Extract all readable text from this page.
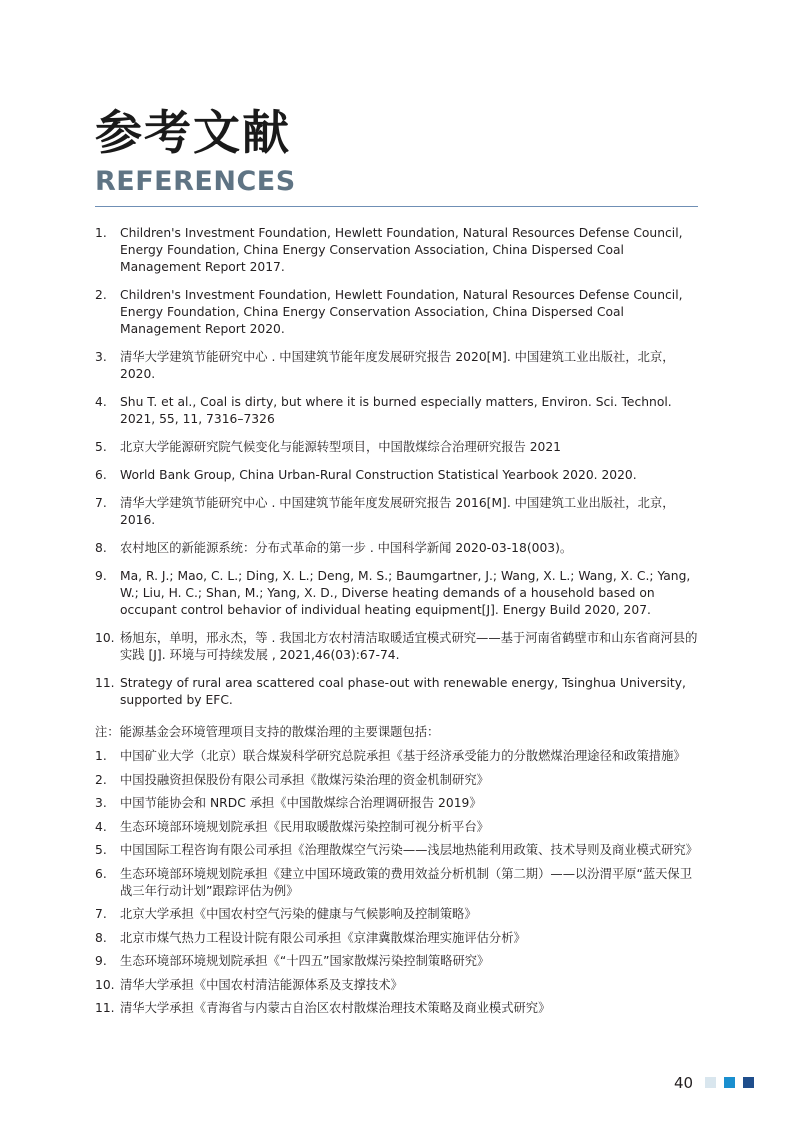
参考文献
REFERENCES
1. Children's Investment Foundation, Hewlett Foundation, Natural Resources Defense Council, Energy Foundation, China Energy Conservation Association, China Dispersed Coal Management Report 2017.
2. Children's Investment Foundation, Hewlett Foundation, Natural Resources Defense Council, Energy Foundation, China Energy Conservation Association, China Dispersed Coal Management Report 2020.
3. 清华大学建筑节能研究中心 . 中国建筑节能年度发展研究报告 2020[M]. 中国建筑工业出版社，北京，2020.
4. Shu T. et al., Coal is dirty, but where it is burned especially matters, Environ. Sci. Technol. 2021, 55, 11, 7316–7326
5. 北京大学能源研究院气候变化与能源转型项目，中国散煤综合治理研究报告 2021
6. World Bank Group, China Urban-Rural Construction Statistical Yearbook 2020. 2020.
7. 清华大学建筑节能研究中心 . 中国建筑节能年度发展研究报告 2016[M]. 中国建筑工业出版社，北京，2016.
8. 农村地区的新能源系统：分布式革命的第一步 . 中国科学新闻 2020-03-18(003)。
9. Ma, R. J.; Mao, C. L.; Ding, X. L.; Deng, M. S.; Baumgartner, J.; Wang, X. L.; Wang, X. C.; Yang, W.; Liu, H. C.; Shan, M.; Yang, X. D., Diverse heating demands of a household based on occupant control behavior of individual heating equipment[J]. Energy Build 2020, 207.
10. 杨旭东，单明，邢永杰，等 . 我国北方农村清洁取暖适宜模式研究——基于河南省鹤壁市和山东省商河县的实践 [J]. 环境与可持续发展 , 2021,46(03):67-74.
11. Strategy of rural area scattered coal phase-out with renewable energy, Tsinghua University, supported by EFC.

注：能源基金会环境管理项目支持的散煤治理的主要课题包括：

1. 中国矿业大学（北京）联合煤炭科学研究总院承担《基于经济承受能力的分散燃煤治理途径和政策措施》
2. 中国投融资担保股份有限公司承担《散煤污染治理的资金机制研究》
3. 中国节能协会和 NRDC 承担《中国散煤综合治理调研报告 2019》
4. 生态环境部环境规划院承担《民用取暖散煤污染控制可视分析平台》
5. 中国国际工程咨询有限公司承担《治理散煤空气污染——浅层地热能利用政策、技术导则及商业模式研究》
6. 生态环境部环境规划院承担《建立中国环境政策的费用效益分析机制（第二期）——以汾渭平原“蓝天保卫战三年行动计划”跟踪评估为例》
7. 北京大学承担《中国农村空气污染的健康与气候影响及控制策略》
8. 北京市煤气热力工程设计院有限公司承担《京津冀散煤治理实施评估分析》
9. 生态环境部环境规划院承担《“十四五”国家散煤污染控制策略研究》
10. 清华大学承担《中国农村清洁能源体系及支撑技术》
11. 清华大学承担《青海省与内蒙古自治区农村散煤治理技术策略及商业模式研究》
40
